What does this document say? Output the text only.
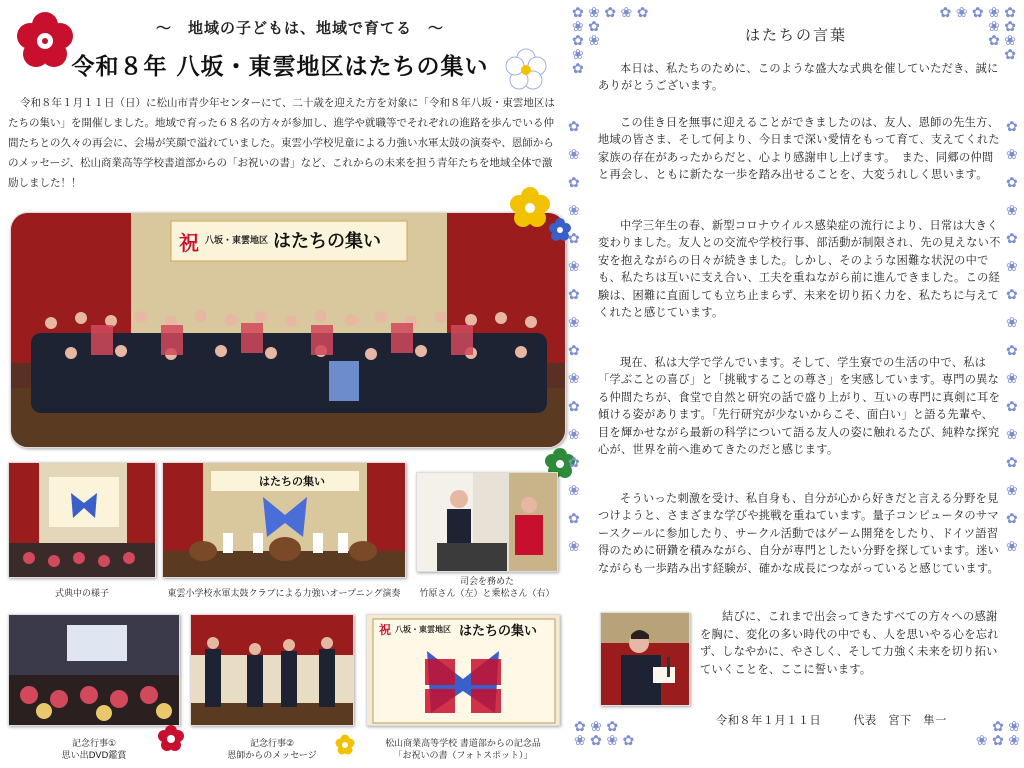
～　地域の子どもは、地域で育てる　～
令和８年 八坂・東雲地区はたちの集い

令和８年１月１１日（日）に松山市青少年センターにて、二十歳を迎えた方を対象に「令和８年八坂・東雲地区はたちの集い」を開催しました。地域で育った６８名の方々が参加し、進学や就職等でそれぞれの進路を歩んでいる仲間たちとの久々の再会に、会場が笑顔で溢れていました。東雲小学校児童による力強い水軍太鼓の演奏や、恩師からのメッセージ、松山商業高等学校書道部からの「お祝いの書」など、これからの未来を担う青年たちを地域全体で激励しました！！

祝 八坂・東雲地区 はたちの集い
式典中の様子
はたちの集い
東雲小学校水軍太鼓クラブによる力強いオープニング演奏
司会を務めた
竹原さん（左）と乗松さん（右）
記念行事①
思い出DVD鑑賞
記念行事②
恩師からのメッセージ
祝 八坂・東雲地区 はたちの集い
松山商業高等学校 書道部からの記念品
「お祝いの書（フォトスポット）」
✿ ❀ ✿ ❀ ✿
❀ ✿
✿ ❀
❀
✿
✿ ❀ ✿ ❀ ✿
❀ ✿
✿ ❀
✿
✿

❀

✿

❀

✿

❀

✿

❀

✿

❀

✿

❀

✿

❀

✿

❀
✿

❀

✿

❀

✿

❀

✿

❀

✿

❀

✿

❀

✿

❀

✿

❀
✿ ❀ ✿
❀ ✿ ❀ ✿
✿ ❀
❀ ✿ ❀
はたちの言葉

本日は、私たちのために、このような盛大な式典を催していただき、誠にありがとうございます。

この佳き日を無事に迎えることができましたのは、友人、恩師の先生方、地域の皆さま、そして何より、今日まで深い愛情をもって育て、支えてくれた家族の存在があったからだと、心より感謝申し上げます。　また、同郷の仲間と再会し、ともに新たな一歩を踏み出せることを、大変うれしく思います。

中学三年生の春、新型コロナウイルス感染症の流行により、日常は大きく変わりました。友人との交流や学校行事、部活動が制限され、先の見えない不安を抱えながらの日々が続きました。しかし、そのような困難な状況の中でも、私たちは互いに支え合い、工夫を重ねながら前に進んできました。この経験は、困難に直面しても立ち止まらず、未来を切り拓く力を、私たちに与えてくれたと感じています。

現在、私は大学で学んでいます。そして、学生寮での生活の中で、私は「学ぶことの喜び」と「挑戦することの尊さ」を実感しています。専門の異なる仲間たちが、食堂で自然と研究の話で盛り上がり、互いの専門に真剣に耳を傾ける姿があります。「先行研究が少ないからこそ、面白い」と語る先輩や、目を輝かせながら最新の科学について語る友人の姿に触れるたび、純粋な探究心が、世界を前へ進めてきたのだと感じます。

そういった刺激を受け、私自身も、自分が心から好きだと言える分野を見つけようと、さまざまな学びや挑戦を重ねています。量子コンピュータのサマースクールに参加したり、サークル活動ではゲーム開発をしたり、ドイツ語習得のために研鑽を積みながら、自分が専門としたい分野を探しています。迷いながらも一歩踏み出す経験が、確かな成長につながっていると感じています。

結びに、これまで出会ってきたすべての方々への感謝を胸に、変化の多い時代の中でも、人を思いやる心を忘れず、しなやかに、やさしく、そして力強く未来を切り拓いていくことを、ここに誓います。

令和８年１月１１日	代表　宮下　隼一
